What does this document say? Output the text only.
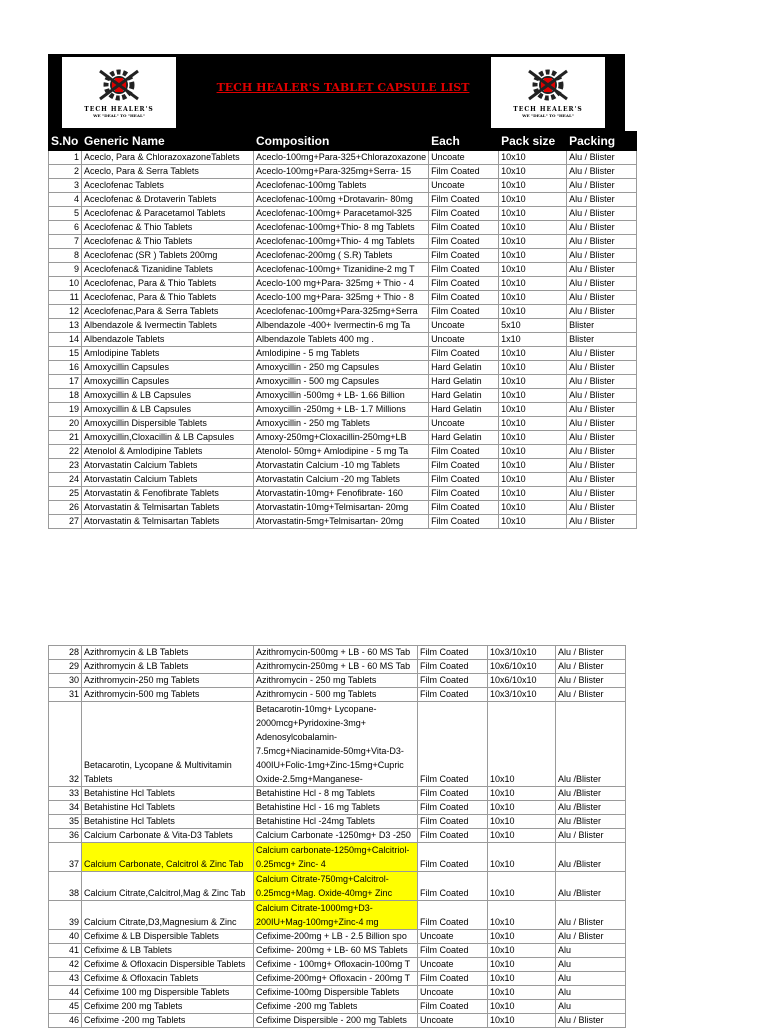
TECH HEALER'S
WE "DEAL" TO "HEAL"
TECH HEALER'S TABLET CAPSULE LIST
TECH HEALER'S
WE "DEAL" TO "HEAL"
S.No	Generic Name	Composition	Each	Pack size	Packing
1	Aceclo, Para & ChlorazoxazoneTablets	Aceclo-100mg+Para-325+Chlorazoxazone	Uncoate	10x10	Alu / Blister
2	Aceclo, Para & Serra Tablets	Aceclo-100mg+Para-325mg+Serra- 15	Film Coated	10x10	Alu / Blister
3	Aceclofenac Tablets	Aceclofenac-100mg Tablets	Uncoate	10x10	Alu / Blister
4	Aceclofenac & Drotaverin Tablets	Aceclofenac-100mg +Drotavarin- 80mg	Film Coated	10x10	Alu / Blister
5	Aceclofenac & Paracetamol Tablets	Aceclofenac-100mg+ Paracetamol-325	Film Coated	10x10	Alu / Blister
6	Aceclofenac & Thio Tablets	Aceclofenac-100mg+Thio- 8 mg Tablets	Film Coated	10x10	Alu / Blister
7	Aceclofenac & Thio Tablets	Aceclofenac-100mg+Thio- 4 mg Tablets	Film Coated	10x10	Alu / Blister
8	Aceclofenac (SR ) Tablets 200mg	Aceclofenac-200mg ( S.R) Tablets	Film Coated	10x10	Alu / Blister
9	Aceclofenac& Tizanidine Tablets	Aceclofenac-100mg+ Tizanidine-2 mg T	Film Coated	10x10	Alu / Blister
10	Aceclofenac, Para & Thio Tablets	Aceclo-100 mg+Para- 325mg + Thio - 4	Film Coated	10x10	Alu / Blister
11	Aceclofenac, Para & Thio Tablets	Aceclo-100 mg+Para- 325mg + Thio - 8	Film Coated	10x10	Alu / Blister
12	Aceclofenac,Para & Serra Tablets	Aceclofenac-100mg+Para-325mg+Serra	Film Coated	10x10	Alu / Blister
13	Albendazole & Ivermectin Tablets	Albendazole -400+ Ivermectin-6 mg Ta	Uncoate	5x10	Blister
14	Albendazole Tablets	Albendazole Tablets 400 mg .	Uncoate	1x10	Blister
15	Amlodipine Tablets	Amlodipine - 5 mg Tablets	Film Coated	10x10	Alu / Blister
16	Amoxycillin Capsules	Amoxycillin - 250 mg Capsules	Hard Gelatin	10x10	Alu / Blister
17	Amoxycillin Capsules	Amoxycillin - 500 mg Capsules	Hard Gelatin	10x10	Alu / Blister
18	Amoxycillin & LB Capsules	Amoxycillin -500mg + LB- 1.66 Billion	Hard Gelatin	10x10	Alu / Blister
19	Amoxycillin & LB Capsules	Amoxycillin -250mg + LB- 1.7 Millions	Hard Gelatin	10x10	Alu / Blister
20	Amoxycillin Dispersible Tablets	Amoxycillin - 250 mg Tablets	Uncoate	10x10	Alu / Blister
21	Amoxycillin,Cloxacillin & LB Capsules	Amoxy-250mg+Cloxacillin-250mg+LB	Hard Gelatin	10x10	Alu / Blister
22	Atenolol & Amlodipine Tablets	Atenolol- 50mg+ Amlodipine - 5 mg Ta	Film Coated	10x10	Alu / Blister
23	Atorvastatin Calcium Tablets	Atorvastatin Calcium -10 mg Tablets	Film Coated	10x10	Alu / Blister
24	Atorvastatin Calcium Tablets	Atorvastatin Calcium -20 mg Tablets	Film Coated	10x10	Alu / Blister
25	Atorvastatin & Fenofibrate Tablets	Atorvastatin-10mg+ Fenofibrate- 160	Film Coated	10x10	Alu / Blister
26	Atorvastatin & Telmisartan Tablets	Atorvastatin-10mg+Telmisartan- 20mg	Film Coated	10x10	Alu / Blister
27	Atorvastatin & Telmisartan Tablets	Atorvastatin-5mg+Telmisartan- 20mg	Film Coated	10x10	Alu / Blister
28	Azithromycin & LB Tablets	Azithromycin-500mg + LB - 60 MS Tab	Film Coated	10x3/10x10	Alu / Blister
29	Azithromycin & LB Tablets	Azithromycin-250mg + LB - 60 MS Tab	Film Coated	10x6/10x10	Alu / Blister
30	Azithromycin-250 mg Tablets	Azithromycin - 250 mg Tablets	Film Coated	10x6/10x10	Alu / Blister
31	Azithromycin-500 mg Tablets	Azithromycin - 500 mg Tablets	Film Coated	10x3/10x10	Alu / Blister
32	Betacarotin, Lycopane & Multivitamin Tablets	Betacarotin-10mg+ Lycopane-2000mcg+Pyridoxine-3mg+ Adenosylcobalamin-7.5mcg+Niacinamide-50mg+Vita-D3-400IU+Folic-1mg+Zinc-15mg+Cupric Oxide-2.5mg+Manganese-	Film Coated	10x10	Alu /Blister
33	Betahistine Hcl Tablets	Betahistine Hcl - 8 mg Tablets	Film Coated	10x10	Alu /Blister
34	Betahistine Hcl Tablets	Betahistine Hcl - 16 mg Tablets	Film Coated	10x10	Alu /Blister
35	Betahistine Hcl Tablets	Betahistine Hcl -24mg Tablets	Film Coated	10x10	Alu /Blister
36	Calcium Carbonate & Vita-D3 Tablets	Calcium Carbonate -1250mg+ D3 -250	Film Coated	10x10	Alu / Blister
37	Calcium Carbonate, Calcitrol & Zinc Tab	Calcium carbonate-1250mg+Calcitriol-0.25mcg+ Zinc- 4	Film Coated	10x10	Alu /Blister
38	Calcium Citrate,Calcitrol,Mag & Zinc Tab	Calcium Citrate-750mg+Calcitrol-0.25mcg+Mag. Oxide-40mg+ Zinc	Film Coated	10x10	Alu /Blister
39	Calcium Citrate,D3,Magnesium & Zinc	Calcium Citrate-1000mg+D3-200IU+Mag-100mg+Zinc-4 mg	Film Coated	10x10	Alu / Blister
40	Cefixime & LB Dispersible Tablets	Cefixime-200mg + LB - 2.5 Billion spo	Uncoate	10x10	Alu / Blister
41	Cefixime & LB Tablets	Cefixime- 200mg + LB- 60 MS Tablets	Film Coated	10x10	Alu
42	Cefixime & Ofloxacin Dispersible Tablets	Cefixime - 100mg+ Ofloxacin-100mg T	Uncoate	10x10	Alu
43	Cefixime & Ofloxacin Tablets	Cefixime-200mg+ Ofloxacin - 200mg T	Film Coated	10x10	Alu
44	Cefixime 100 mg Dispersible Tablets	Cefixime-100mg Dispersible Tablets	Uncoate	10x10	Alu
45	Cefixime 200 mg Tablets	Cefixime -200 mg Tablets	Film Coated	10x10	Alu
46	Cefixime -200 mg Tablets	Cefixime Dispersible - 200 mg Tablets	Uncoate	10x10	Alu / Blister
